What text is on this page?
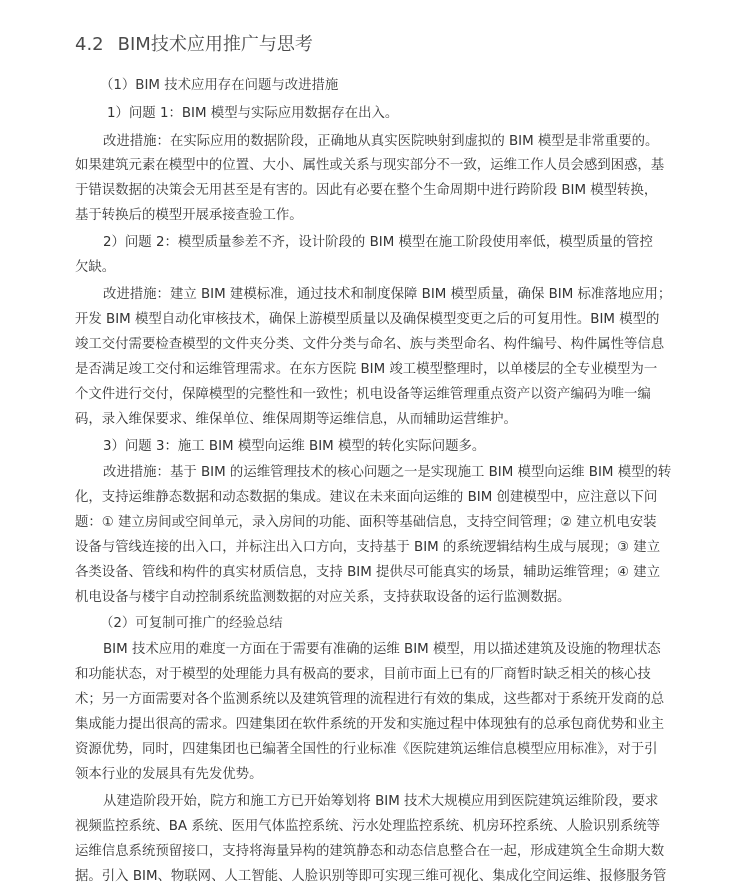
4.2 BIM技术应用推广与思考
（1）BIM 技术应用存在问题与改进措施
1）问题 1：BIM 模型与实际应用数据存在出入。
改进措施：在实际应用的数据阶段，正确地从真实医院映射到虚拟的 BIM 模型是非常重要的。
如果建筑元素在模型中的位置、大小、属性或关系与现实部分不一致，运维工作人员会感到困惑，基
于错误数据的决策会无用甚至是有害的。因此有必要在整个生命周期中进行跨阶段 BIM 模型转换，
基于转换后的模型开展承接查验工作。
2）问题 2：模型质量参差不齐，设计阶段的 BIM 模型在施工阶段使用率低，模型质量的管控
欠缺。
改进措施：建立 BIM 建模标准，通过技术和制度保障 BIM 模型质量，确保 BIM 标准落地应用；
开发 BIM 模型自动化审核技术，确保上游模型质量以及确保模型变更之后的可复用性。BIM 模型的
竣工交付需要检查模型的文件夹分类、文件分类与命名、族与类型命名、构件编号、构件属性等信息
是否满足竣工交付和运维管理需求。在东方医院 BIM 竣工模型整理时，以单楼层的全专业模型为一
个文件进行交付，保障模型的完整性和一致性；机电设备等运维管理重点资产以资产编码为唯一编
码，录入维保要求、维保单位、维保周期等运维信息，从而辅助运营维护。
3）问题 3：施工 BIM 模型向运维 BIM 模型的转化实际问题多。
改进措施：基于 BIM 的运维管理技术的核心问题之一是实现施工 BIM 模型向运维 BIM 模型的转
化，支持运维静态数据和动态数据的集成。建议在未来面向运维的 BIM 创建模型中，应注意以下问
题：① 建立房间或空间单元，录入房间的功能、面积等基础信息，支持空间管理；② 建立机电安装
设备与管线连接的出入口，并标注出入口方向，支持基于 BIM 的系统逻辑结构生成与展现；③ 建立
各类设备、管线和构件的真实材质信息，支持 BIM 提供尽可能真实的场景，辅助运维管理；④ 建立
机电设备与楼宇自动控制系统监测数据的对应关系，支持获取设备的运行监测数据。
（2）可复制可推广的经验总结
BIM 技术应用的难度一方面在于需要有准确的运维 BIM 模型，用以描述建筑及设施的物理状态
和功能状态，对于模型的处理能力具有极高的要求，目前市面上已有的厂商暂时缺乏相关的核心技
术；另一方面需要对各个监测系统以及建筑管理的流程进行有效的集成，这些都对于系统开发商的总
集成能力提出很高的需求。四建集团在软件系统的开发和实施过程中体现独有的总承包商优势和业主
资源优势，同时，四建集团也已编著全国性的行业标准《医院建筑运维信息模型应用标准》，对于引
领本行业的发展具有先发优势。
从建造阶段开始，院方和施工方已开始筹划将 BIM 技术大规模应用到医院建筑运维阶段，要求
视频监控系统、BA 系统、医用气体监控系统、污水处理监控系统、机房环控系统、人脸识别系统等
运维信息系统预留接口，支持将海量异构的建筑静态和动态信息整合在一起，形成建筑全生命期大数
据。引入 BIM、物联网、人工智能、人脸识别等即可实现三维可视化、集成化空间运维、报修服务管
